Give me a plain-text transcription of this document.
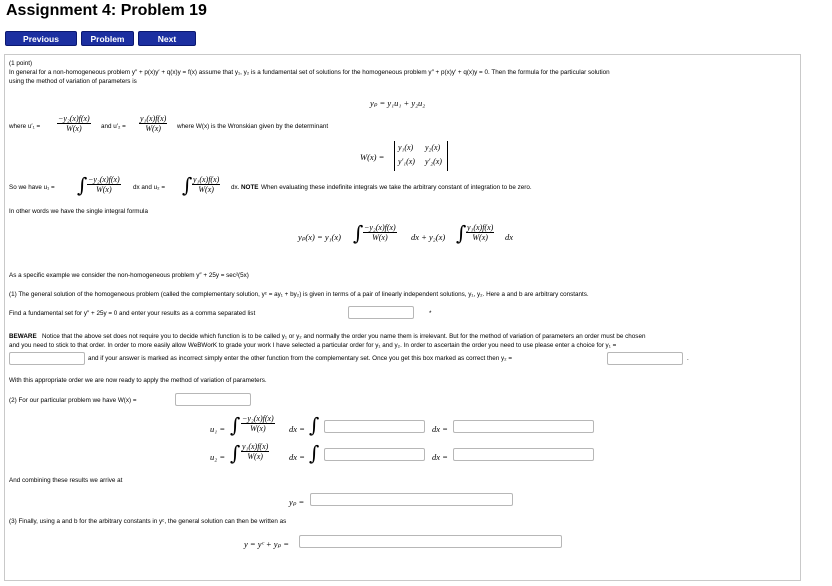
Assignment 4: Problem 19
Previous	Problem	Next
(1 point)
In general for a non-homogeneous problem y″ + p(x)y′ + q(x)y = f(x) assume that y₁, y₂ is a fundamental set of solutions for the homogeneous problem y″ + p(x)y′ + q(x)y = 0. Then the formula for the particular solution
using the method of variation of parameters is
yₚ = y₁u₁ + y₂u₂
where $u'_1 = \frac{\text{−y₂(x)f(x)}}{W(x)}$ and $u'_2 = \frac{\text{y₁(x)f(x)}}{W(x)}$ where W(x) is the Wronskian given by the determinant
W(x) =
y₁(x) y₂(x)
y′₁(x) y′₂(x)
So we have u₁ = ∫ $\frac{\text{−y₂(x)f(x)}}{W(x)}$ dx and u₂ = ∫ $\frac{\text{y₁(x)f(x)}}{W(x)}$ dx. NOTE When evaluating these indefinite integrals we take the arbitrary constant of integration to be zero.
In other words we have the single integral formula
yₚ(x) = y₁(x) ∫ $\frac{\text{−y₂(x)f(x)}}{W(x)}$ dx + y₂(x) ∫ $\frac{\text{y₁(x)f(x)}}{W(x)}$ dx
As a specific example we consider the non-homogeneous problem y″ + 25y = sec²(5x)
(1) The general solution of the homogeneous problem (called the complementary solution, yᶜ = ay₁ + by₂) is given in terms of a pair of linearly independent solutions, y₁, y₂. Here a and b are arbitrary constants.
Find a fundamental set for y″ + 25y = 0 and enter your results as a comma separated list	*
BEWARE Notice that the above set does not require you to decide which function is to be called y₁ or y₂ and normally the order you name them is irrelevant. But for the method of variation of parameters an order must be chosen
and you need to stick to that order. In order to more easily allow WeBWorK to grade your work I have selected a particular order for y₁ and y₂. In order to ascertain the order you need to use please enter a choice for y₁ =
and if your answer is marked as incorrect simply enter the other function from the complementary set. Once you get this box marked as correct then y₂ =	.
With this appropriate order we are now ready to apply the method of variation of parameters.
(2) For our particular problem we have W(x) =
u₁ = ∫ $\frac{\text{−y₂(x)f(x)}}{W(x)}$ dx = ∫	dx =
u₂ = ∫ $\frac{\text{y₁(x)f(x)}}{W(x)}$ dx = ∫	dx =
And combining these results we arrive at
yₚ =
(3) Finally, using a and b for the arbitrary constants in yᶜ, the general solution can then be written as
y = yᶜ + yₚ =
